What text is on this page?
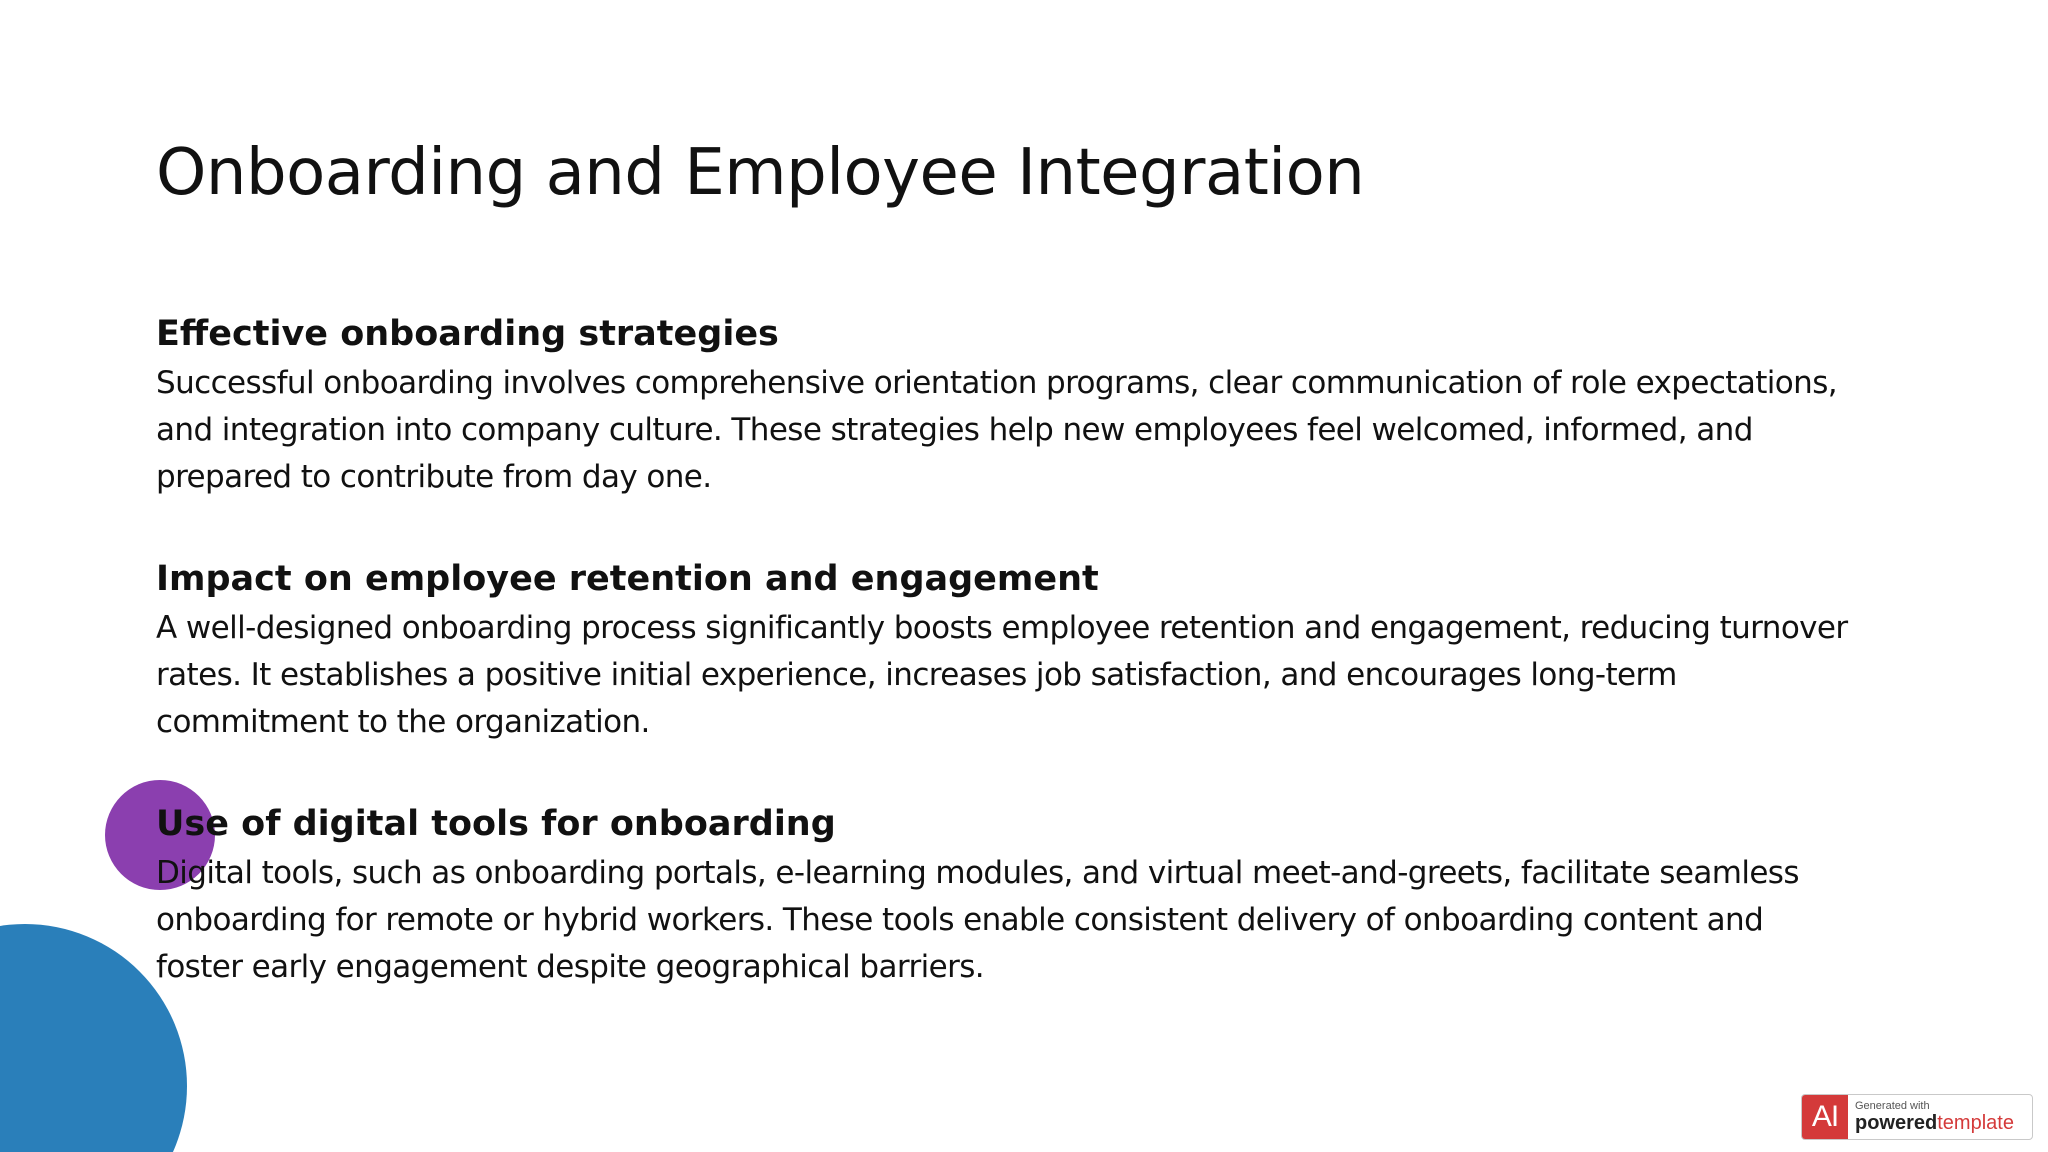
Onboarding and Employee Integration
Effective onboarding strategies

Successful onboarding involves comprehensive orientation programs, clear communication of role expectations, and integration into company culture. These strategies help new employees feel welcomed, informed, and prepared to contribute from day one.

Impact on employee retention and engagement

A well-designed onboarding process significantly boosts employee retention and engagement, reducing turnover rates. It establishes a positive initial experience, increases job satisfaction, and encourages long-term commitment to the organization.

Use of digital tools for onboarding

Digital tools, such as onboarding portals, e-learning modules, and virtual meet-and-greets, facilitate seamless onboarding for remote or hybrid workers. These tools enable consistent delivery of onboarding content and foster early engagement despite geographical barriers.

AI	Generated with
poweredtemplate
